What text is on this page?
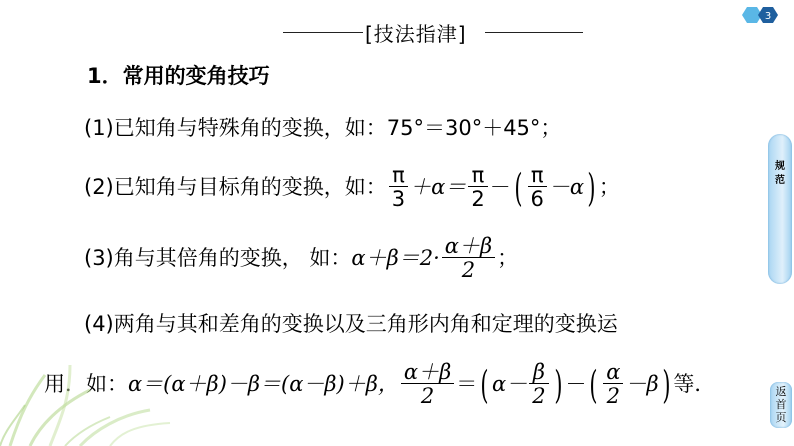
[技法指津]
3
1．常用的变角技巧
(1)已知角与特殊角的变换，如：75°＝30°＋45°；
(2)已知角与目标角的变换，如： $\frac{\pi}{3} +\alpha= \frac{\pi}{2}$ －( $\frac{\pi}{6} -\alpha$) ；
(3)角与其倍角的变换， 如：$\alpha+\beta=2\cdot \frac{\alpha+\beta}{2}$ ；
(4)两角与其和差角的变换以及三角形内角和定理的变换运
用．如：α＝(α＋β)－β＝(α－β)＋β， $\frac{\alpha+\beta}{2}$ ＝( $\alpha- \frac{\beta}{2}$ ) －( $\frac{\alpha}{2} -\beta$) 等．
规
范
返
首
页
